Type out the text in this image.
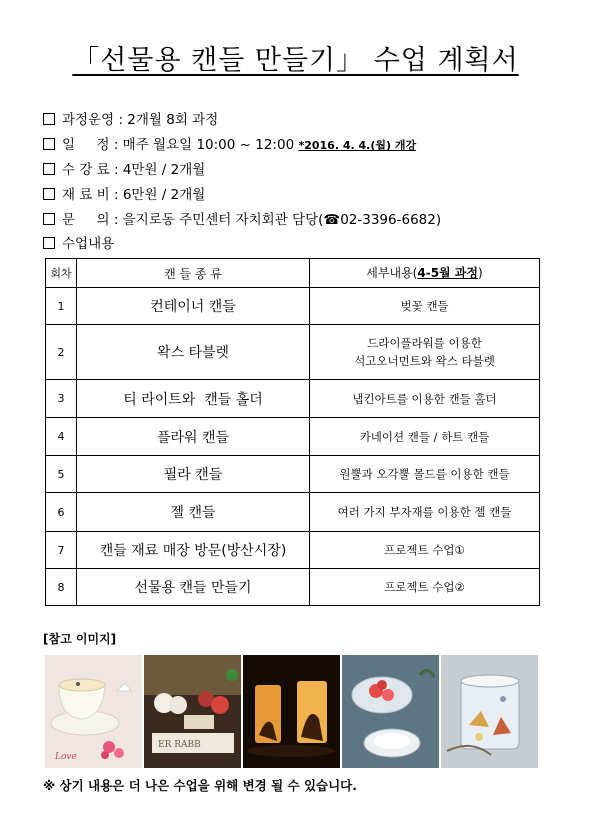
「선물용 캔들 만들기」 수업 계획서
과정운영 : 2개월 8회 과정
일     정 : 매주 월요일 10:00 ~ 12:00 *2016. 4. 4.(월) 개강
수 강 료 : 4만원 / 2개월
재 료 비 : 6만원 / 2개월
문     의 : 을지로동 주민센터 자치회관 담당(☎02-3396-6682)
수업내용
회차	캔 들 종 류	세부내용(4-5월 과정)
1	컨테이너 캔들	벚꽃 캔들
2	왁스 타블렛	드라이플라워를 이용한
석고오너먼트와 왁스 타블렛
3	티 라이트와  캔들 홀더	냅킨아트를 이용한 캔들 홀더
4	플라워 캔들	카네이션 캔들 / 하트 캔들
5	필라 캔들	원뿔과 오각뿔 몰드를 이용한 캔들
6	젤 캔들	여러 가지 부자재를 이용한 젤 캔들
7	캔들 재료 매장 방문(방산시장)	프로젝트 수업①
8	선물용 캔들 만들기	프로젝트 수업②
[참고 이미지]
Love
ER RABB
※ 상기 내용은 더 나은 수업을 위해 변경 될 수 있습니다.
